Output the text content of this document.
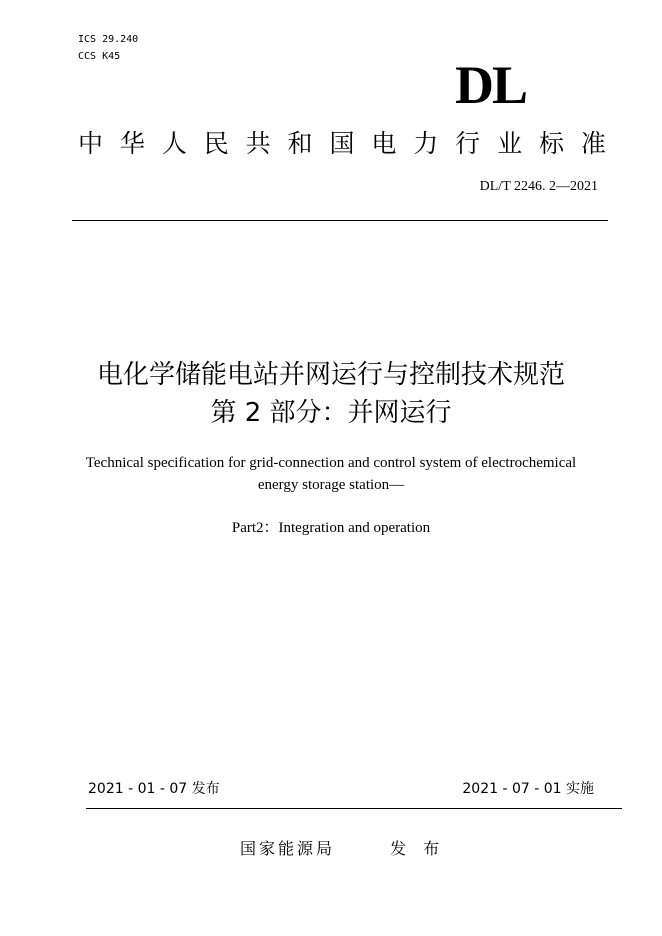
ICS 29.240
CCS K45	DL
中 华 人 民 共 和 国 电 力 行 业 标 准
DL/T 2246. 2—2021
电化学储能电站并网运行与控制技术规范
第 2 部分：并网运行
Technical specification for grid-connection and control system of electrochemical
energy storage station—
Part2：Integration and operation
2021 - 01 - 07 发布	2021 - 07 - 01 实施
国家能源局	发 布
